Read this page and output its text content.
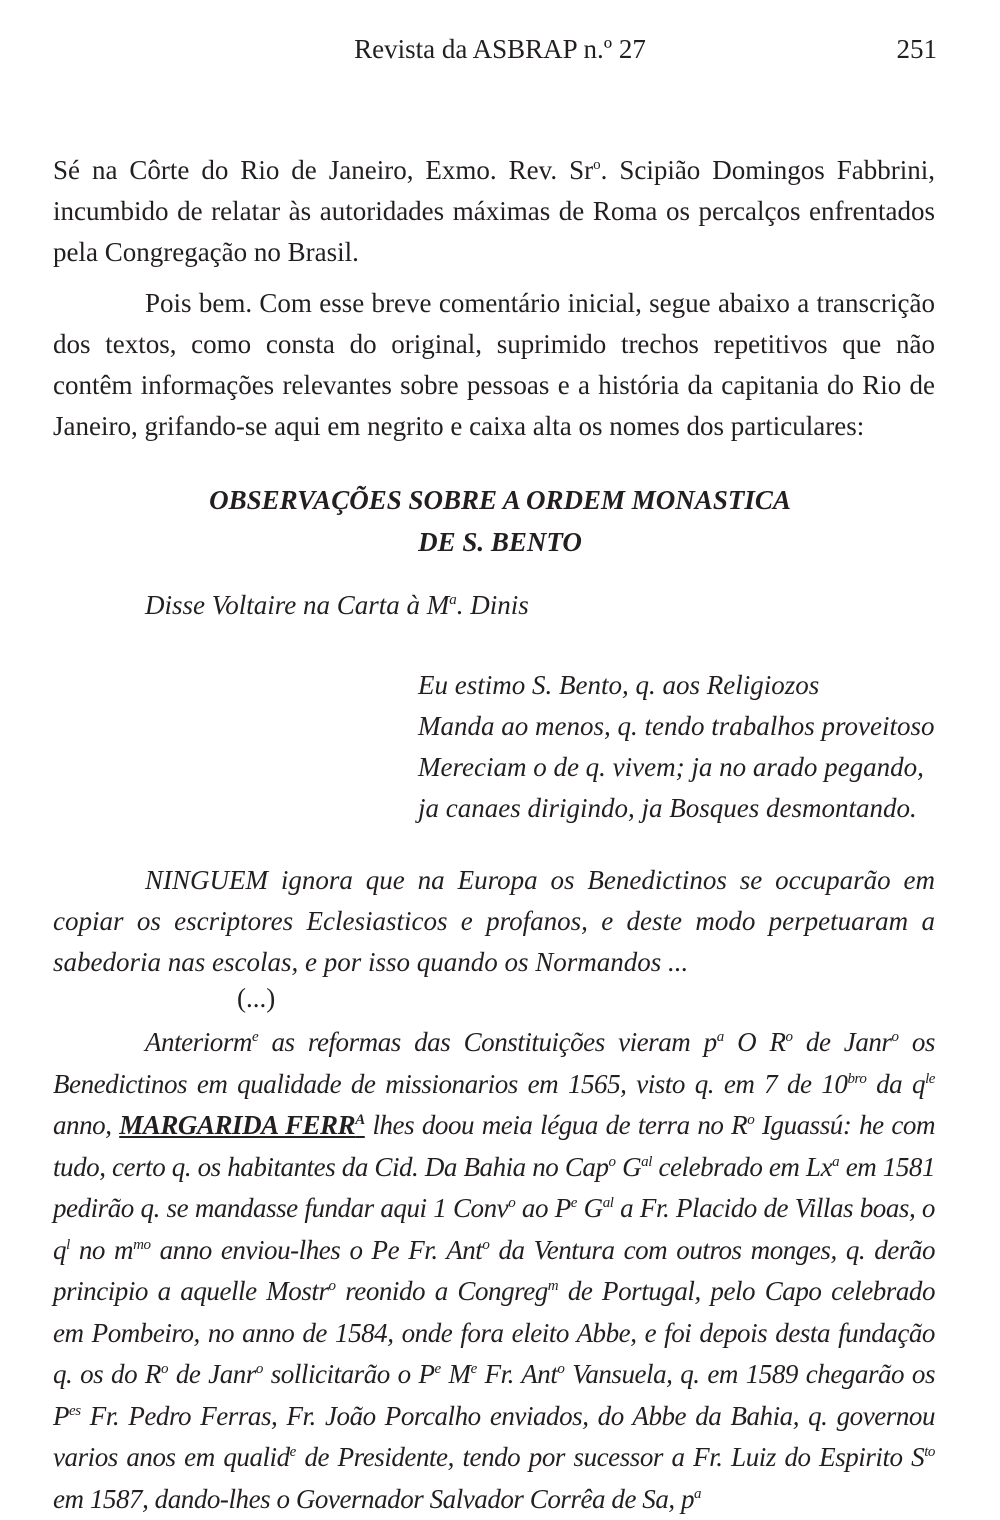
Revista da ASBRAP n.º 27	251
Sé na Côrte do Rio de Janeiro, Exmo. Rev. Sr$^o$. Scipião Domingos Fabbrini, incumbido de relatar às autoridades máximas de Roma os percalços enfrentados pela Congregação no Brasil.
Pois bem. Com esse breve comentário inicial, segue abaixo a transcrição dos textos, como consta do original, suprimido trechos repetitivos que não contêm informações relevantes sobre pessoas e a história da capitania do Rio de Janeiro, grifando-se aqui em negrito e caixa alta os nomes dos particulares:
OBSERVAÇÕES SOBRE A ORDEM MONASTICA
DE S. BENTO
Disse Voltaire na Carta à $M^a$. Dinis
Eu estimo S. Bento, q. aos Religiozos
Manda ao menos, q. tendo trabalhos proveitoso
Mereciam o de q. vivem; ja no arado pegando,
ja canaes dirigindo, ja Bosques desmontando.
NINGUEM ignora que na Europa os Benedictinos se occuparão em copiar os escriptores Eclesiasticos e profanos, e deste modo perpetuaram a sabedoria nas escolas, e por isso quando os Normandos ...
(...)
Anteriorm$^e$ as reformas das Constituições vieram $p^a$ O $R^o$ de Janr$^o$ os Benedictinos em qualidade de missionarios em 1565, visto q. em 7 de $10^{bro}$ da $q^{le}$ anno, MARGARIDA $FERR^A$ lhes doou meia légua de terra no $R^o$ Iguassú: he com tudo, certo q. os habitantes da Cid. Da Bahia no Cap$^o$ $G^{al}$ celebrado em Lx$^a$ em 1581 pedirão q. se mandasse fundar aqui 1 Conv$^o$ ao $P^e$ $G^{al}$ a Fr. Placido de Villas boas, o $q^l$ no $m^{mo}$ anno enviou-lhes o Pe Fr. Ant$^o$ da Ventura com outros monges, q. derão principio a aquelle Mostr$^o$ reonido a Congreg$^m$ de Portugal, pelo Capo celebrado em Pombeiro, no anno de 1584, onde fora eleito Abbe, e foi depois desta fundação q. os do $R^o$ de Janr$^o$ sollicitarão o $P^e$ Me Fr. Ant$^o$ Vansuela, q. em 1589 chegarão os $P^{es}$ Fr. Pedro Ferras, Fr. João Porcalho enviados, do Abbe da Bahia, q. governou varios anos em qualid$^e$ de Presidente, tendo por sucessor a Fr. Luiz do Espirito $S^{to}$ em 1587, dando-lhes o Governador Salvador Corrêa de Sa, $p^a$
